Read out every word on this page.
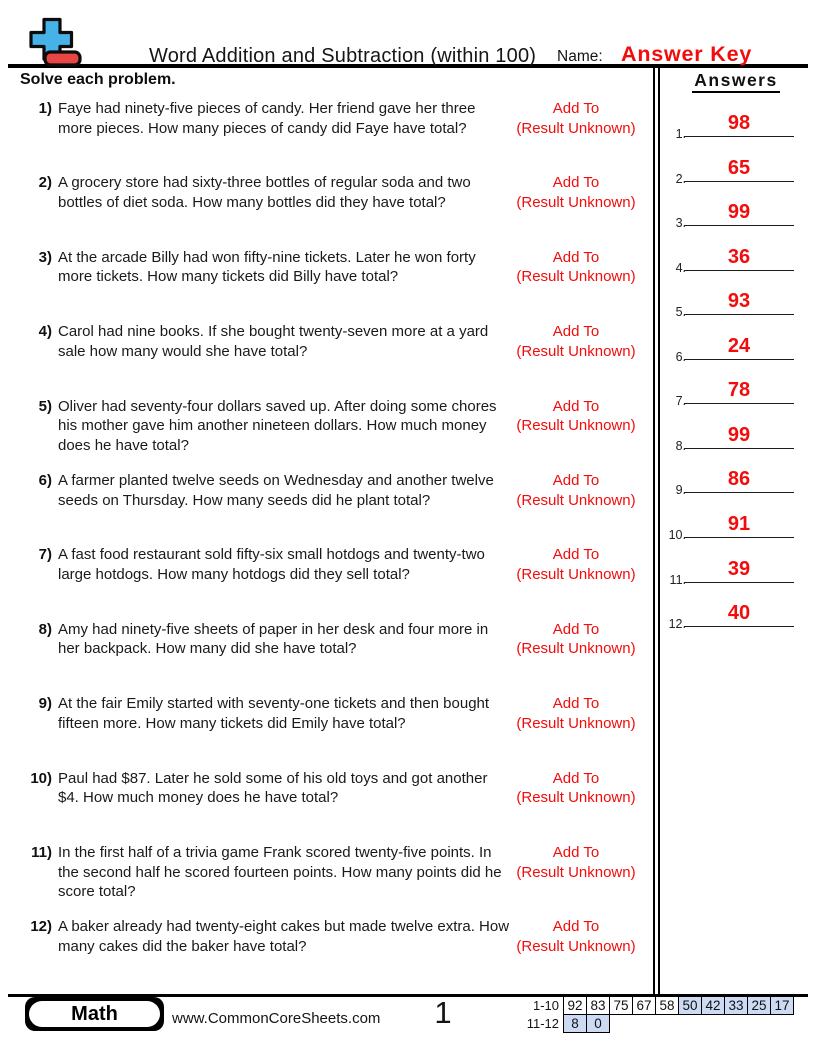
Word Addition and Subtraction (within 100) Name: Answer Key
Solve each problem.
1) Faye had ninety-five pieces of candy. Her friend gave her three more pieces. How many pieces of candy did Faye have total?
Add To
(Result Unknown)
2) A grocery store had sixty-three bottles of regular soda and two bottles of diet soda. How many bottles did they have total?
Add To
(Result Unknown)
3) At the arcade Billy had won fifty-nine tickets. Later he won forty more tickets. How many tickets did Billy have total?
Add To
(Result Unknown)
4) Carol had nine books. If she bought twenty-seven more at a yard sale how many would she have total?
Add To
(Result Unknown)
5) Oliver had seventy-four dollars saved up. After doing some chores his mother gave him another nineteen dollars. How much money does he have total?
Add To
(Result Unknown)
6) A farmer planted twelve seeds on Wednesday and another twelve seeds on Thursday. How many seeds did he plant total?
Add To
(Result Unknown)
7) A fast food restaurant sold fifty-six small hotdogs and twenty-two large hotdogs. How many hotdogs did they sell total?
Add To
(Result Unknown)
8) Amy had ninety-five sheets of paper in her desk and four more in her backpack. How many did she have total?
Add To
(Result Unknown)
9) At the fair Emily started with seventy-one tickets and then bought fifteen more. How many tickets did Emily have total?
Add To
(Result Unknown)
10) Paul had $87. Later he sold some of his old toys and got another $4. How much money does he have total?
Add To
(Result Unknown)
11) In the first half of a trivia game Frank scored twenty-five points. In the second half he scored fourteen points. How many points did he score total?
Add To
(Result Unknown)
12) A baker already had twenty-eight cakes but made twelve extra. How many cakes did the baker have total?
Add To
(Result Unknown)
Answers
1. 98
2. 65
3. 99
4. 36
5. 93
6. 24
7. 78
8. 99
9. 86
10. 91
11. 39
12. 40
Math	www.CommonCoreSheets.com	1	1-10 92 83 75 67 58 50 42 33 25 17
11-12 8	0
